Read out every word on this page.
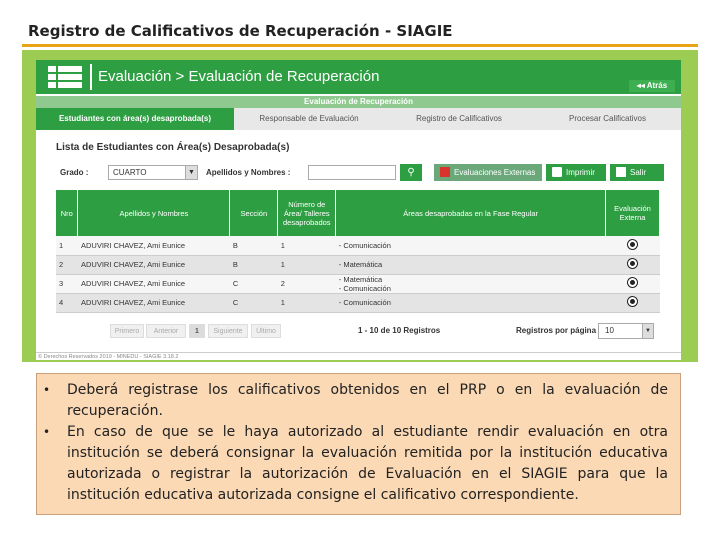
Registro de Calificativos de Recuperación - SIAGIE
Evaluación > Evaluación de Recuperación
◂◂ Atrás
Evaluación de Recuperación
Estudiantes con área(s) desaprobada(s)	Responsable de Evaluación	Registro de Calificativos	Procesar Calificativos
Lista de Estudiantes con Área(s) Desaprobada(s)
Grado :	CUARTO	▼ Apellidos y Nombres :	⚲	Evaluaciones Externas	Imprimir	Salir
Nro	Apellidos y Nombres	Sección	Número de Área/ Talleres desaprobados	Áreas desaprobadas en la Fase Regular	Evaluación Externa
1	ADUVIRI CHAVEZ, Ami Eunice	B	1	- Comunicación	
2	ADUVIRI CHAVEZ, Ami Eunice	B	1	- Matemática	
3	ADUVIRI CHAVEZ, Ami Eunice	C	2	- Matemática
- Comunicación	
4	ADUVIRI CHAVEZ, Ami Eunice	C	1	- Comunicación	
Primero	Anterior	1	Siguiente	Último	1 - 10 de 10 Registros	Registros por página	10	▼
© Derechos Reservados 2019 - MINEDU - SIAGIE 3.18.2
• Deberá registrase los calificativos obtenidos en el PRP o en la evaluación de recuperación.
• En caso de que se le haya autorizado al estudiante rendir evaluación en otra institución se deberá consignar la evaluación remitida por la institución educativa autorizada o registrar la autorización de Evaluación en el SIAGIE para que la institución educativa autorizada consigne el calificativo correspondiente.
